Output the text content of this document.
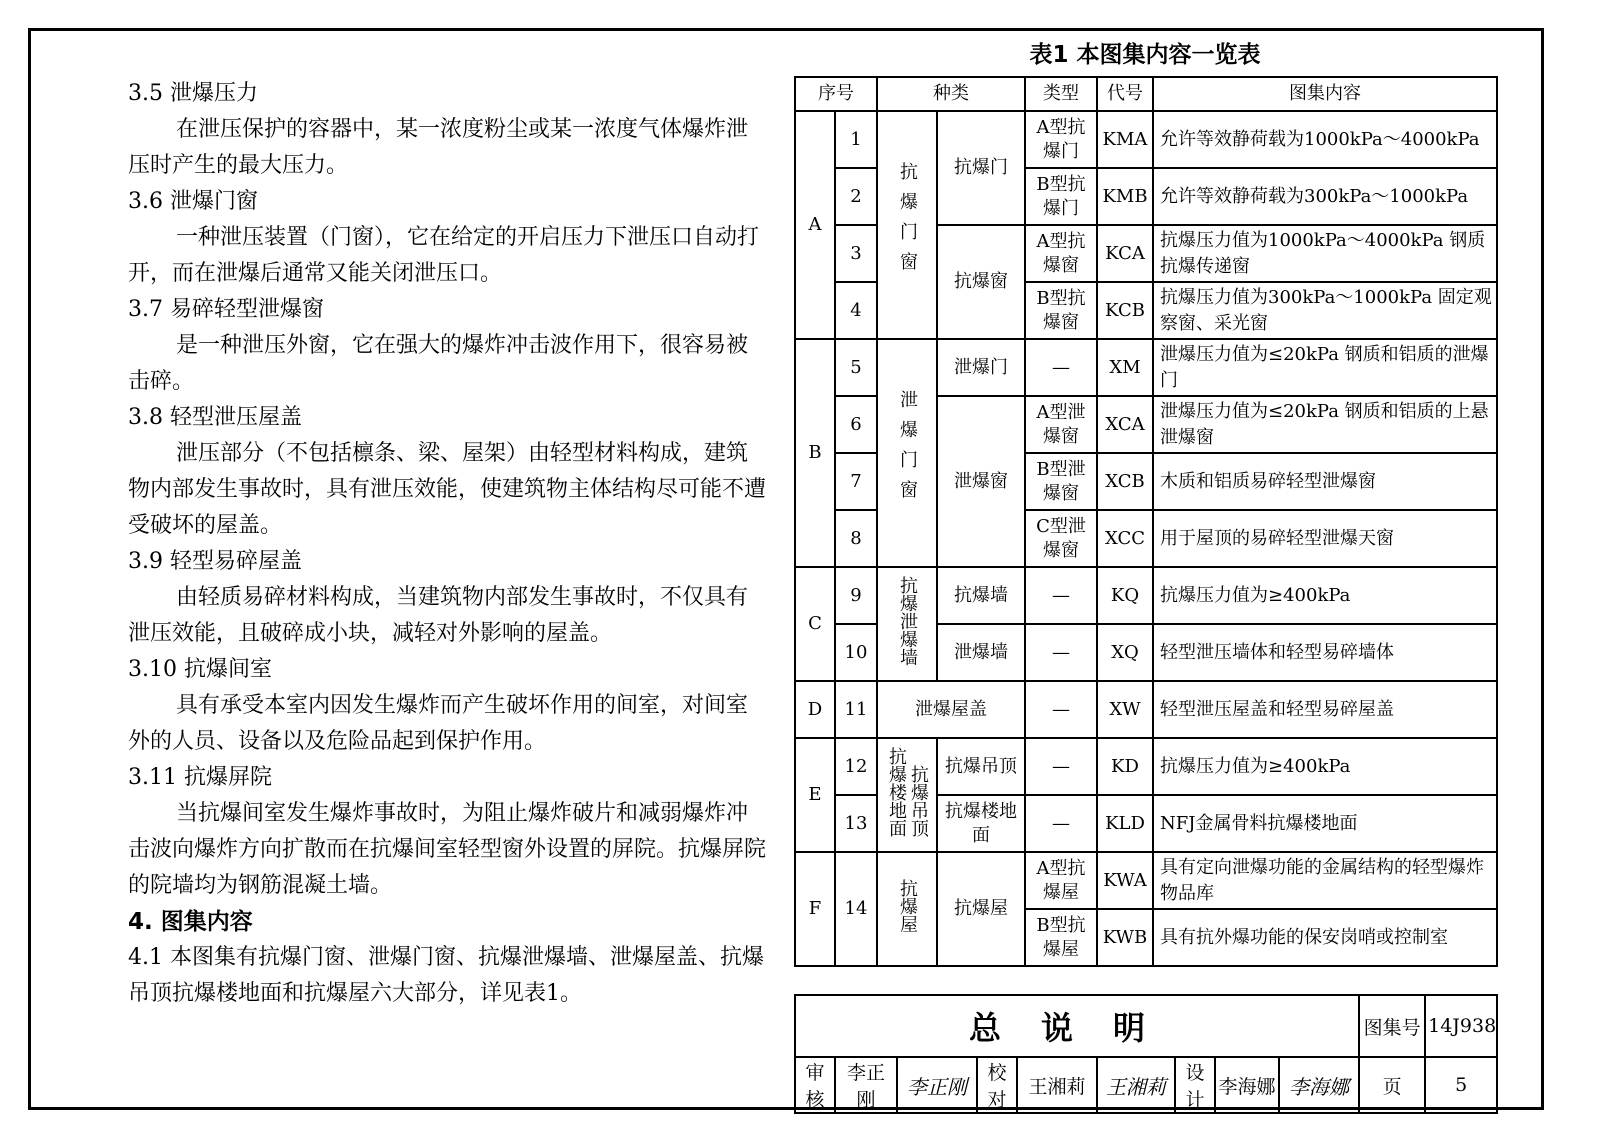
3.5 泄爆压力

在泄压保护的容器中，某一浓度粉尘或某一浓度气体爆炸泄压时产生的最大压力。

3.6 泄爆门窗

一种泄压装置（门窗），它在给定的开启压力下泄压口自动打开，而在泄爆后通常又能关闭泄压口。

3.7 易碎轻型泄爆窗

是一种泄压外窗，它在强大的爆炸冲击波作用下，很容易被击碎。

3.8 轻型泄压屋盖

泄压部分（不包括檩条、梁、屋架）由轻型材料构成，建筑物内部发生事故时，具有泄压效能，使建筑物主体结构尽可能不遭受破坏的屋盖。

3.9 轻型易碎屋盖

由轻质易碎材料构成，当建筑物内部发生事故时，不仅具有泄压效能，且破碎成小块，减轻对外影响的屋盖。

3.10 抗爆间室

具有承受本室内因发生爆炸而产生破坏作用的间室，对间室外的人员、设备以及危险品起到保护作用。

3.11 抗爆屏院

当抗爆间室发生爆炸事故时，为阻止爆炸破片和减弱爆炸冲击波向爆炸方向扩散而在抗爆间室轻型窗外设置的屏院。抗爆屏院的院墙均为钢筋混凝土墙。

4. 图集内容

4.1 本图集有抗爆门窗、泄爆门窗、抗爆泄爆墙、泄爆屋盖、抗爆吊顶抗爆楼地面和抗爆屋六大部分，详见表1。

表1 本图集内容一览表
序号		种类		类型	代号	图集内容
A	1	抗爆门窗	抗爆门	A型抗爆门	KMA	允许等效静荷载为1000kPa～4000kPa
	2			B型抗爆门	KMB	允许等效静荷载为300kPa～1000kPa
	3		抗爆窗	A型抗爆窗	KCA	抗爆压力值为1000kPa～4000kPa 钢质抗爆传递窗
	4			B型抗爆窗	KCB	抗爆压力值为300kPa～1000kPa 固定观察窗、采光窗
B	5	泄爆门窗	泄爆门	—	XM	泄爆压力值为≤20kPa 钢质和铝质的泄爆门
	6		泄爆窗	A型泄爆窗	XCA	泄爆压力值为≤20kPa 钢质和铝质的上悬泄爆窗
	7			B型泄爆窗	XCB	木质和铝质易碎轻型泄爆窗
	8			C型泄爆窗	XCC	用于屋顶的易碎轻型泄爆天窗
C	9	抗爆泄爆墙	抗爆墙	—	KQ	抗爆压力值为≥400kPa
	10		泄爆墙	—	XQ	轻型泄压墙体和轻型易碎墙体
D	11	泄爆屋盖		—	XW	轻型泄压屋盖和轻型易碎屋盖
E	12	抗爆楼地面抗爆吊顶	抗爆吊顶	—	KD	抗爆压力值为≥400kPa
	13		抗爆楼地面	—	KLD	NFJ金属骨料抗爆楼地面
F	14	抗爆屋	抗爆屋	A型抗爆屋	KWA	具有定向泄爆功能的金属结构的轻型爆炸物品库
				B型抗爆屋	KWB	具有抗外爆功能的保安岗哨或控制室
总说明									图集号	14J938
审核	李正刚	李正刚	校对	王湘莉	王湘莉	设计	李海娜	李海娜	页	5
